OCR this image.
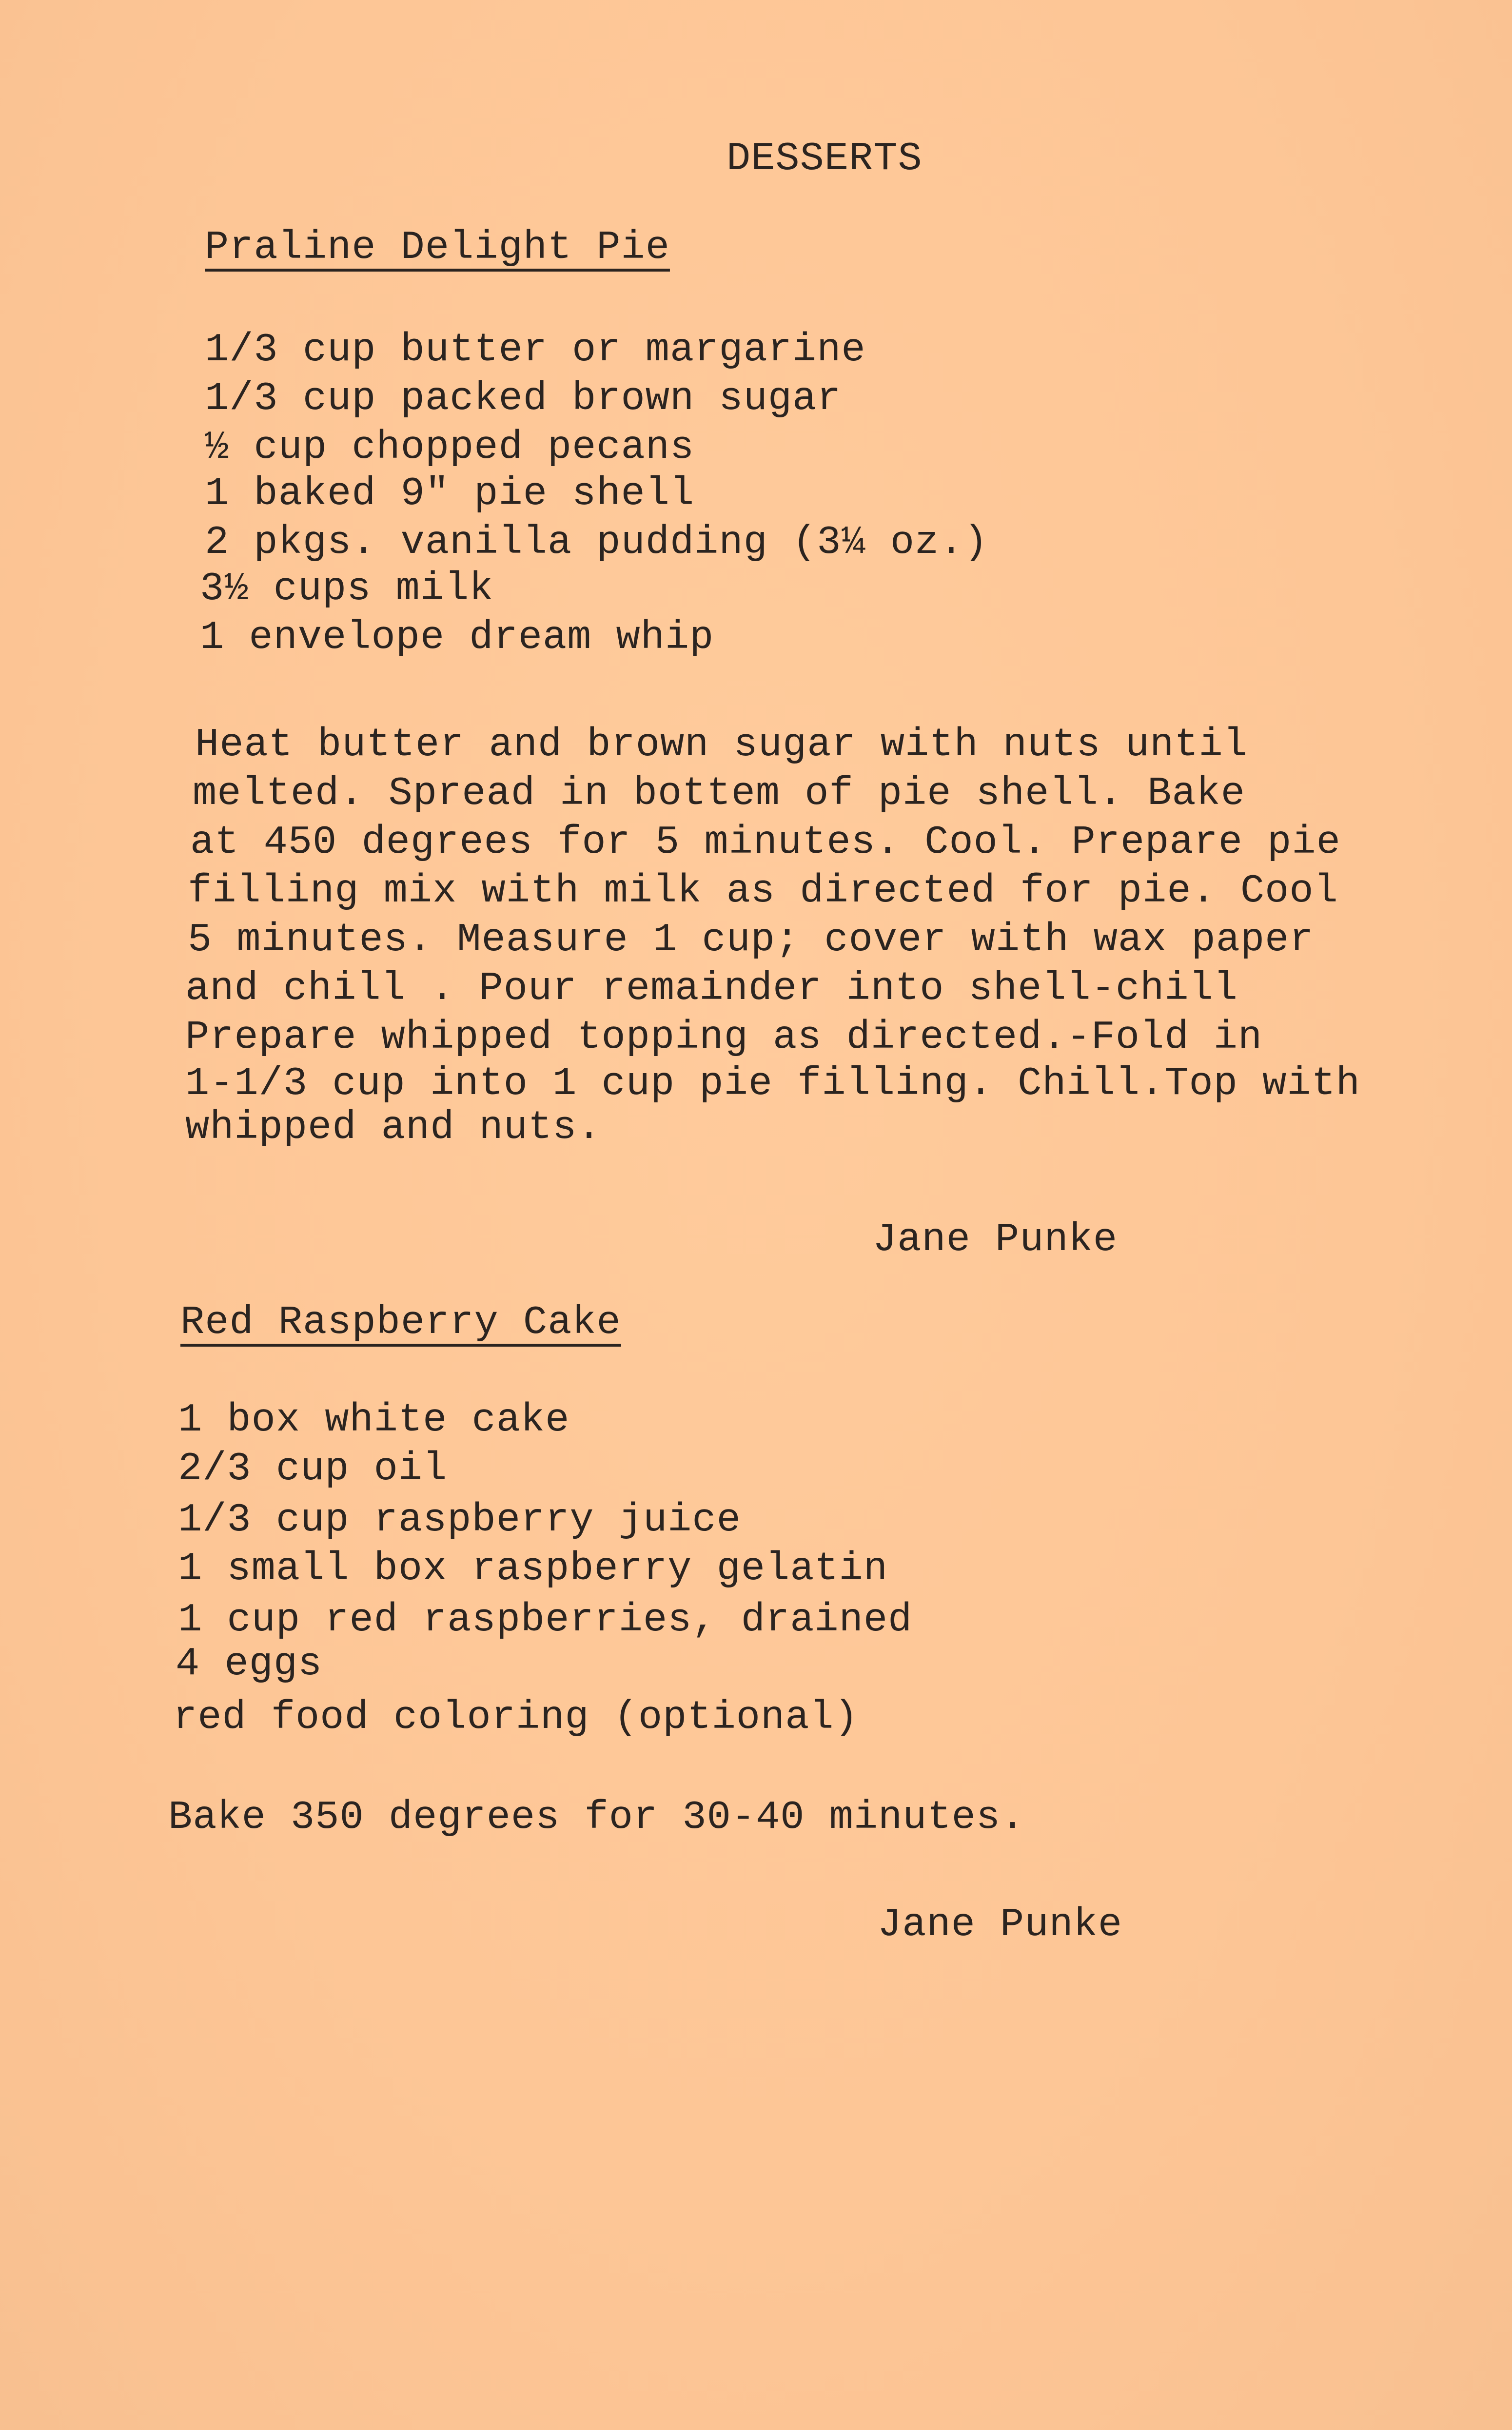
DESSERTS
Praline Delight Pie
1/3 cup butter or margarine
1/3 cup packed brown sugar
½ cup chopped pecans
1 baked 9" pie shell
2 pkgs. vanilla pudding (3¼ oz.)
3½ cups milk
1 envelope dream whip
Heat butter and brown sugar with nuts until
melted. Spread in bottem of pie shell. Bake
at 450 degrees for 5 minutes. Cool. Prepare pie
filling mix with milk as directed for pie. Cool
5 minutes. Measure 1 cup; cover with wax paper
and chill . Pour remainder into shell-chill
Prepare whipped topping as directed.-Fold in
1-1/3 cup into 1 cup pie filling. Chill.Top with
whipped and nuts.
Jane Punke
Red Raspberry Cake
1 box white cake
2/3 cup oil
1/3 cup raspberry juice
1 small box raspberry gelatin
1 cup red raspberries, drained
4 eggs
red food coloring (optional)
Bake 350 degrees for 30-40 minutes.
Jane Punke
